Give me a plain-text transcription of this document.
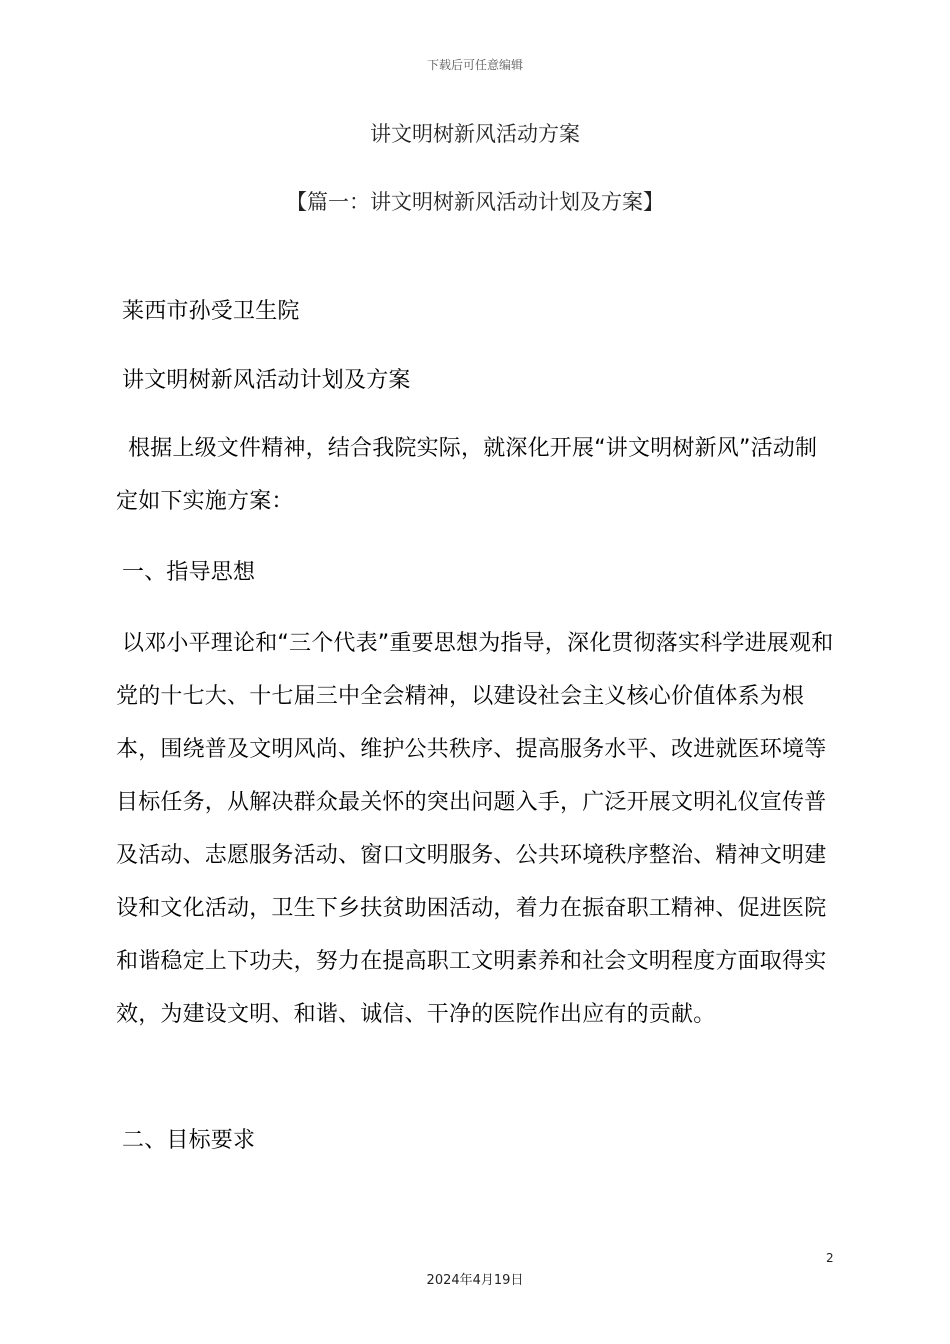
下载后可任意编辑
讲文明树新风活动方案
【篇一：讲文明树新风活动计划及方案】
莱西市孙受卫生院
讲文明树新风活动计划及方案
根据上级文件精神，结合我院实际，就深化开展“讲文明树新风”活动制定如下实施方案：
一、指导思想
以邓小平理论和“三个代表”重要思想为指导，深化贯彻落实科学进展观和党的十七大、十七届三中全会精神，以建设社会主义核心价值体系为根本，围绕普及文明风尚、维护公共秩序、提高服务水平、改进就医环境等目标任务，从解决群众最关怀的突出问题入手，广泛开展文明礼仪宣传普及活动、志愿服务活动、窗口文明服务、公共环境秩序整治、精神文明建设和文化活动，卫生下乡扶贫助困活动，着力在振奋职工精神、促进医院和谐稳定上下功夫，努力在提高职工文明素养和社会文明程度方面取得实效，为建设文明、和谐、诚信、干净的医院作出应有的贡献。
二、目标要求
2
2024年4月19日
